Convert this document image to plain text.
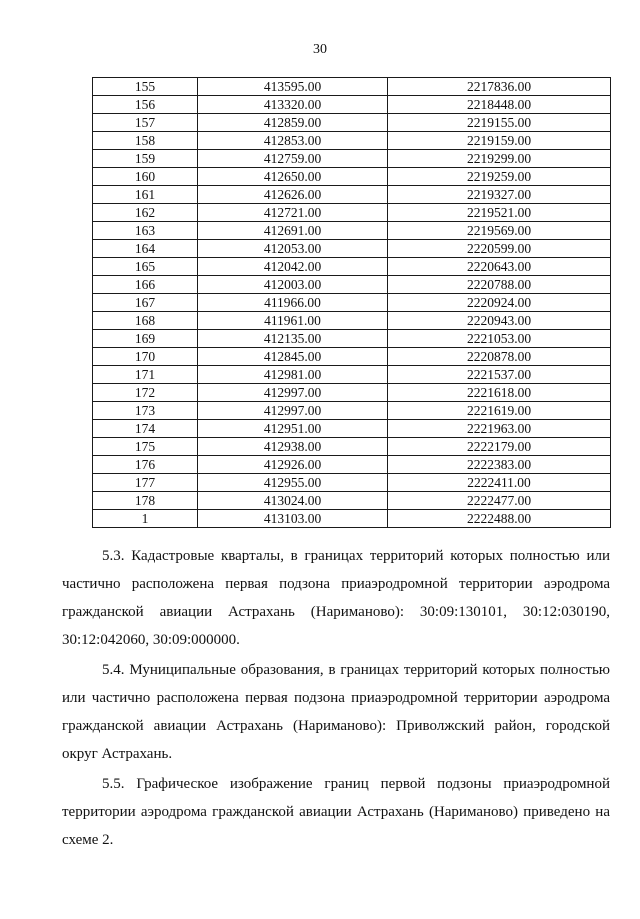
30
155	413595.00	2217836.00
156	413320.00	2218448.00
157	412859.00	2219155.00
158	412853.00	2219159.00
159	412759.00	2219299.00
160	412650.00	2219259.00
161	412626.00	2219327.00
162	412721.00	2219521.00
163	412691.00	2219569.00
164	412053.00	2220599.00
165	412042.00	2220643.00
166	412003.00	2220788.00
167	411966.00	2220924.00
168	411961.00	2220943.00
169	412135.00	2221053.00
170	412845.00	2220878.00
171	412981.00	2221537.00
172	412997.00	2221618.00
173	412997.00	2221619.00
174	412951.00	2221963.00
175	412938.00	2222179.00
176	412926.00	2222383.00
177	412955.00	2222411.00
178	413024.00	2222477.00
1	413103.00	2222488.00

5.3. Кадастровые кварталы, в границах территорий которых полностью или частично расположена первая подзона приаэродромной территории аэродрома гражданской авиации Астрахань (Нариманово): 30:09:130101, 30:12:030190, 30:12:042060, 30:09:000000.

5.4. Муниципальные образования, в границах территорий которых полностью или частично расположена первая подзона приаэродромной территории аэродрома гражданской авиации Астрахань (Нариманово): Приволжский район, городской округ Астрахань.

5.5. Графическое изображение границ первой подзоны приаэродромной территории аэродрома гражданской авиации Астрахань (Нариманово) приведено на схеме 2.
